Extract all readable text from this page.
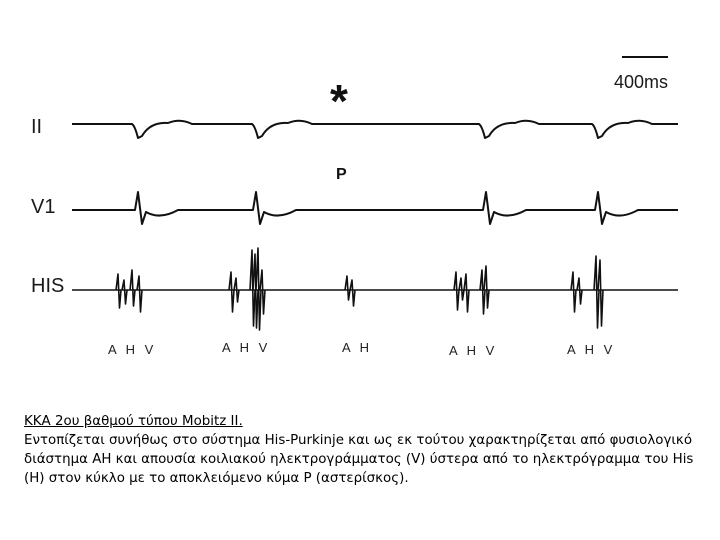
400ms
*
P
II
V1
HIS
A H V	A H V	A H	A H V	A H V
ΚΚΑ 2ου βαθμού τύπου Mobitz II.
Εντοπίζεται συνήθως στο σύστημα His-Purkinje και ως εκ τούτου χαρακτηρίζεται από φυσιολογικό διάστημα ΑΗ και απουσία κοιλιακού ηλεκτρογράμματος (V) ύστερα από το ηλεκτρόγραμμα του His (H) στον κύκλο με το αποκλειόμενο κύμα P (αστερίσκος).
